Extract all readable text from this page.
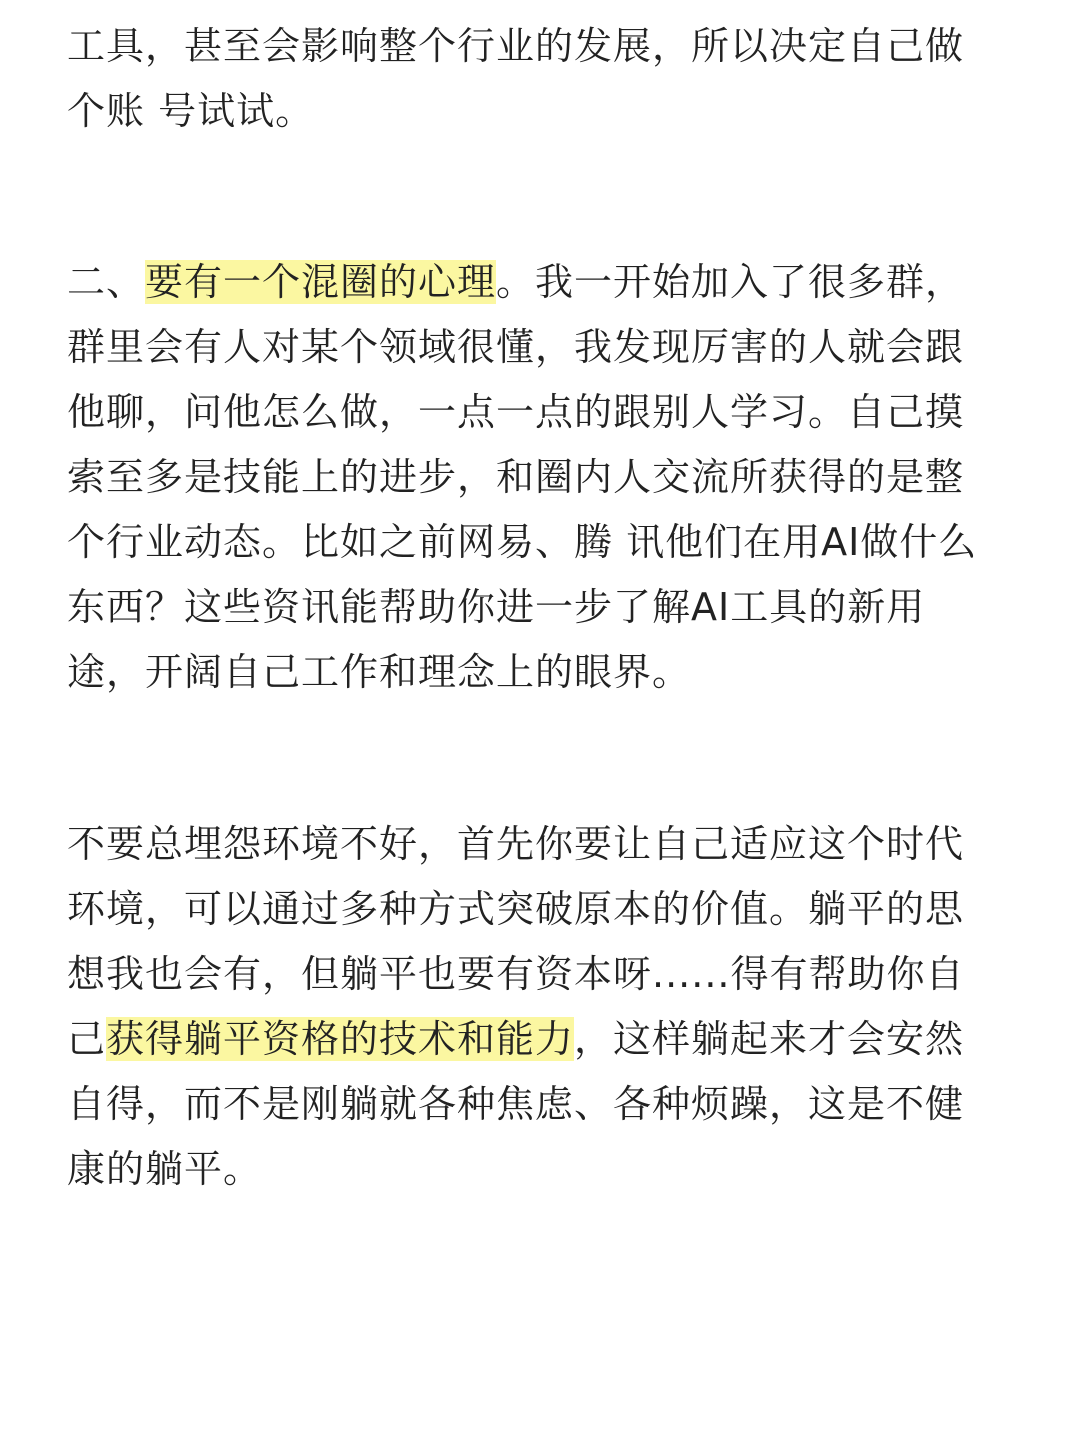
工具，甚至会影响整个行业的发展，所以决定自己做
个账 号试试。

二、要有一个混圈的心理。我一开始加入了很多群，
群里会有人对某个领域很懂，我发现厉害的人就会跟
他聊，问他怎么做，一点一点的跟别人学习。自己摸
索至多是技能上的进步，和圈内人交流所获得的是整
个行业动态。比如之前网易、腾 讯他们在用AI做什么
东西？这些资讯能帮助你进一步了解AI工具的新用
途，开阔自己工作和理念上的眼界。

不要总埋怨环境不好，首先你要让自己适应这个时代
环境，可以通过多种方式突破原本的价值。躺平的思
想我也会有，但躺平也要有资本呀......得有帮助你自
己获得躺平资格的技术和能力，这样躺起来才会安然
自得，而不是刚躺就各种焦虑、各种烦躁，这是不健
康的躺平。
